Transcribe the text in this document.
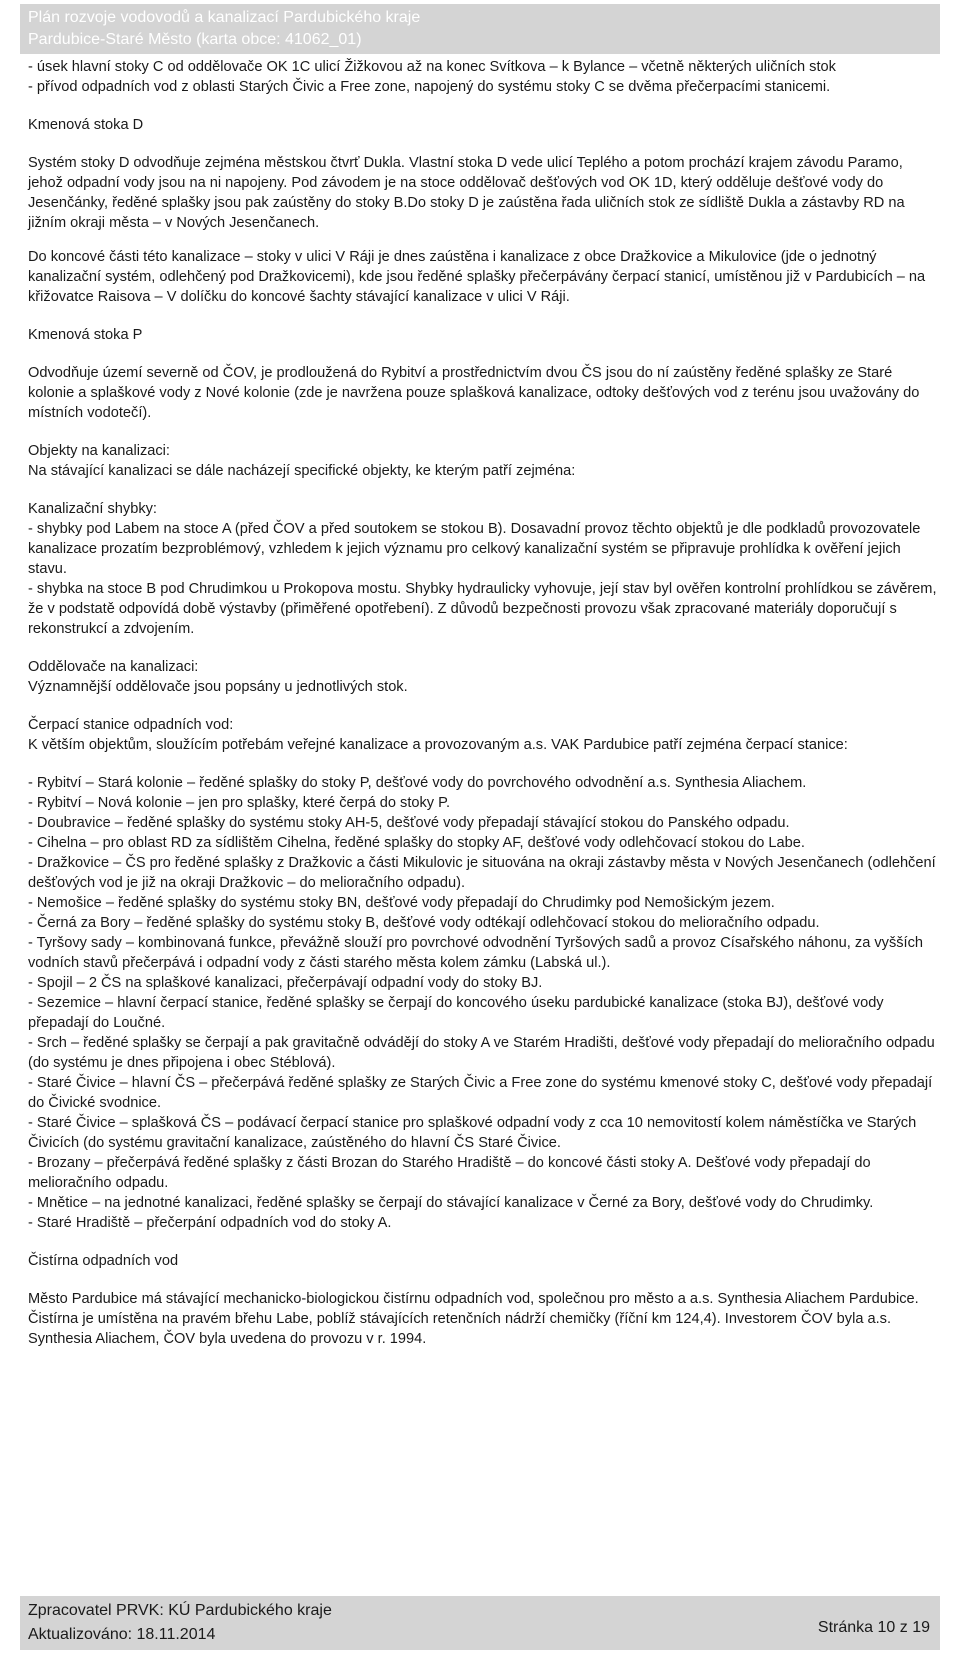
Plán rozvoje vodovodů a kanalizací Pardubického kraje
Pardubice-Staré Město (karta obce: 41062_01)

- úsek hlavní stoky C od oddělovače OK 1C ulicí Žižkovou až na konec Svítkova – k Bylance – včetně některých uličních stok

- přívod odpadních vod z oblasti Starých Čivic a Free zone, napojený do systému stoky C se dvěma přečerpacími stanicemi.

Kmenová stoka D

Systém stoky D odvodňuje zejména městskou čtvrť Dukla. Vlastní stoka D vede ulicí Teplého a potom prochází krajem závodu Paramo, jehož odpadní vody jsou na ni napojeny. Pod závodem je na stoce oddělovač dešťových vod OK 1D, který odděluje dešťové vody do Jesenčánky, ředěné splašky jsou pak zaústěny do stoky B.Do stoky D je zaústěna řada uličních stok ze sídliště Dukla a zástavby RD na jižním okraji města – v Nových Jesenčanech.

Do koncové části této kanalizace – stoky v ulici V Ráji je dnes zaústěna i kanalizace z obce Dražkovice a Mikulovice (jde o jednotný kanalizační systém, odlehčený pod Dražkovicemi), kde jsou ředěné splašky přečerpávány čerpací stanicí, umístěnou již v Pardubicích – na křižovatce Raisova – V dolíčku do koncové šachty stávající kanalizace v ulici V Ráji.

Kmenová stoka P

Odvodňuje území severně od ČOV, je prodloužená do Rybitví a prostřednictvím dvou ČS jsou do ní zaústěny ředěné splašky ze Staré kolonie a splaškové vody z Nové kolonie (zde je navržena pouze splašková kanalizace, odtoky dešťových vod z terénu jsou uvažovány do místních vodotečí).

Objekty na kanalizaci:

Na stávající kanalizaci se dále nacházejí specifické objekty, ke kterým patří zejména:

Kanalizační shybky:

- shybky pod Labem na stoce A (před ČOV a před soutokem se stokou B). Dosavadní provoz těchto objektů je dle podkladů provozovatele kanalizace prozatím bezproblémový, vzhledem k jejich významu pro celkový kanalizační systém se připravuje prohlídka k ověření jejich stavu.

- shybka na stoce B pod Chrudimkou u Prokopova mostu. Shybky hydraulicky vyhovuje, její stav byl ověřen kontrolní prohlídkou se závěrem, že v podstatě odpovídá době výstavby (přiměřené opotřebení). Z důvodů bezpečnosti provozu však zpracované materiály doporučují s rekonstrukcí a zdvojením.

Oddělovače na kanalizaci:

Významnější oddělovače jsou popsány u jednotlivých stok.

Čerpací stanice odpadních vod:

K větším objektům, sloužícím potřebám veřejné kanalizace a provozovaným a.s. VAK Pardubice patří zejména čerpací stanice:

- Rybitví – Stará kolonie – ředěné splašky do stoky P, dešťové vody do povrchového odvodnění a.s. Synthesia Aliachem.

- Rybitví – Nová kolonie – jen pro splašky, které čerpá do stoky P.

- Doubravice – ředěné splašky do systému stoky AH-5, dešťové vody přepadají stávající stokou do Panského odpadu.

- Cihelna – pro oblast RD za sídlištěm Cihelna, ředěné splašky do stopky AF, dešťové vody odlehčovací stokou do Labe.

- Dražkovice – ČS pro ředěné splašky z Dražkovic a části Mikulovic je situována na okraji zástavby města v Nových Jesenčanech (odlehčení dešťových vod je již na okraji Dražkovic – do melioračního odpadu).

- Nemošice – ředěné splašky do systému stoky BN, dešťové vody přepadají do Chrudimky pod Nemošickým jezem.

- Černá za Bory – ředěné splašky do systému stoky B, dešťové vody odtékají odlehčovací stokou do melioračního odpadu.

- Tyršovy sady – kombinovaná funkce, převážně slouží pro povrchové odvodnění Tyršových sadů a provoz Císařského náhonu, za vyšších vodních stavů přečerpává i odpadní vody z části starého města kolem zámku (Labská ul.).

- Spojil – 2 ČS na splaškové kanalizaci, přečerpávají odpadní vody do stoky BJ.

- Sezemice – hlavní čerpací stanice, ředěné splašky se čerpají do koncového úseku pardubické kanalizace (stoka BJ), dešťové vody přepadají do Loučné.

- Srch – ředěné splašky se čerpají a pak gravitačně odvádějí do stoky A ve Starém Hradišti, dešťové vody přepadají do melioračního odpadu (do systému je dnes připojena i obec Stéblová).

- Staré Čivice – hlavní ČS – přečerpává ředěné splašky ze Starých Čivic a Free zone do systému kmenové stoky C, dešťové vody přepadají do Čivické svodnice.

- Staré Čivice – splašková ČS – podávací čerpací stanice pro splaškové odpadní vody z cca 10 nemovitostí kolem náměstíčka ve Starých Čivicích (do systému gravitační kanalizace, zaústěného do hlavní ČS Staré Čivice.

- Brozany – přečerpává ředěné splašky z části Brozan do Starého Hradiště – do koncové části stoky A. Dešťové vody přepadají do melioračního odpadu.

- Mnětice – na jednotné kanalizaci, ředěné splašky se čerpají do stávající kanalizace v Černé za Bory, dešťové vody do Chrudimky.

- Staré Hradiště – přečerpání odpadních vod do stoky A.

Čistírna odpadních vod

Město Pardubice má stávající mechanicko-biologickou čistírnu odpadních vod, společnou pro město a a.s. Synthesia Aliachem Pardubice. Čistírna je umístěna na pravém břehu Labe, poblíž stávajících retenčních nádrží chemičky (říční km 124,4). Investorem ČOV byla a.s. Synthesia Aliachem, ČOV byla uvedena do provozu v r. 1994.

Zpracovatel PRVK: KÚ Pardubického kraje
Aktualizováno: 18.11.2014	Stránka 10 z 19
